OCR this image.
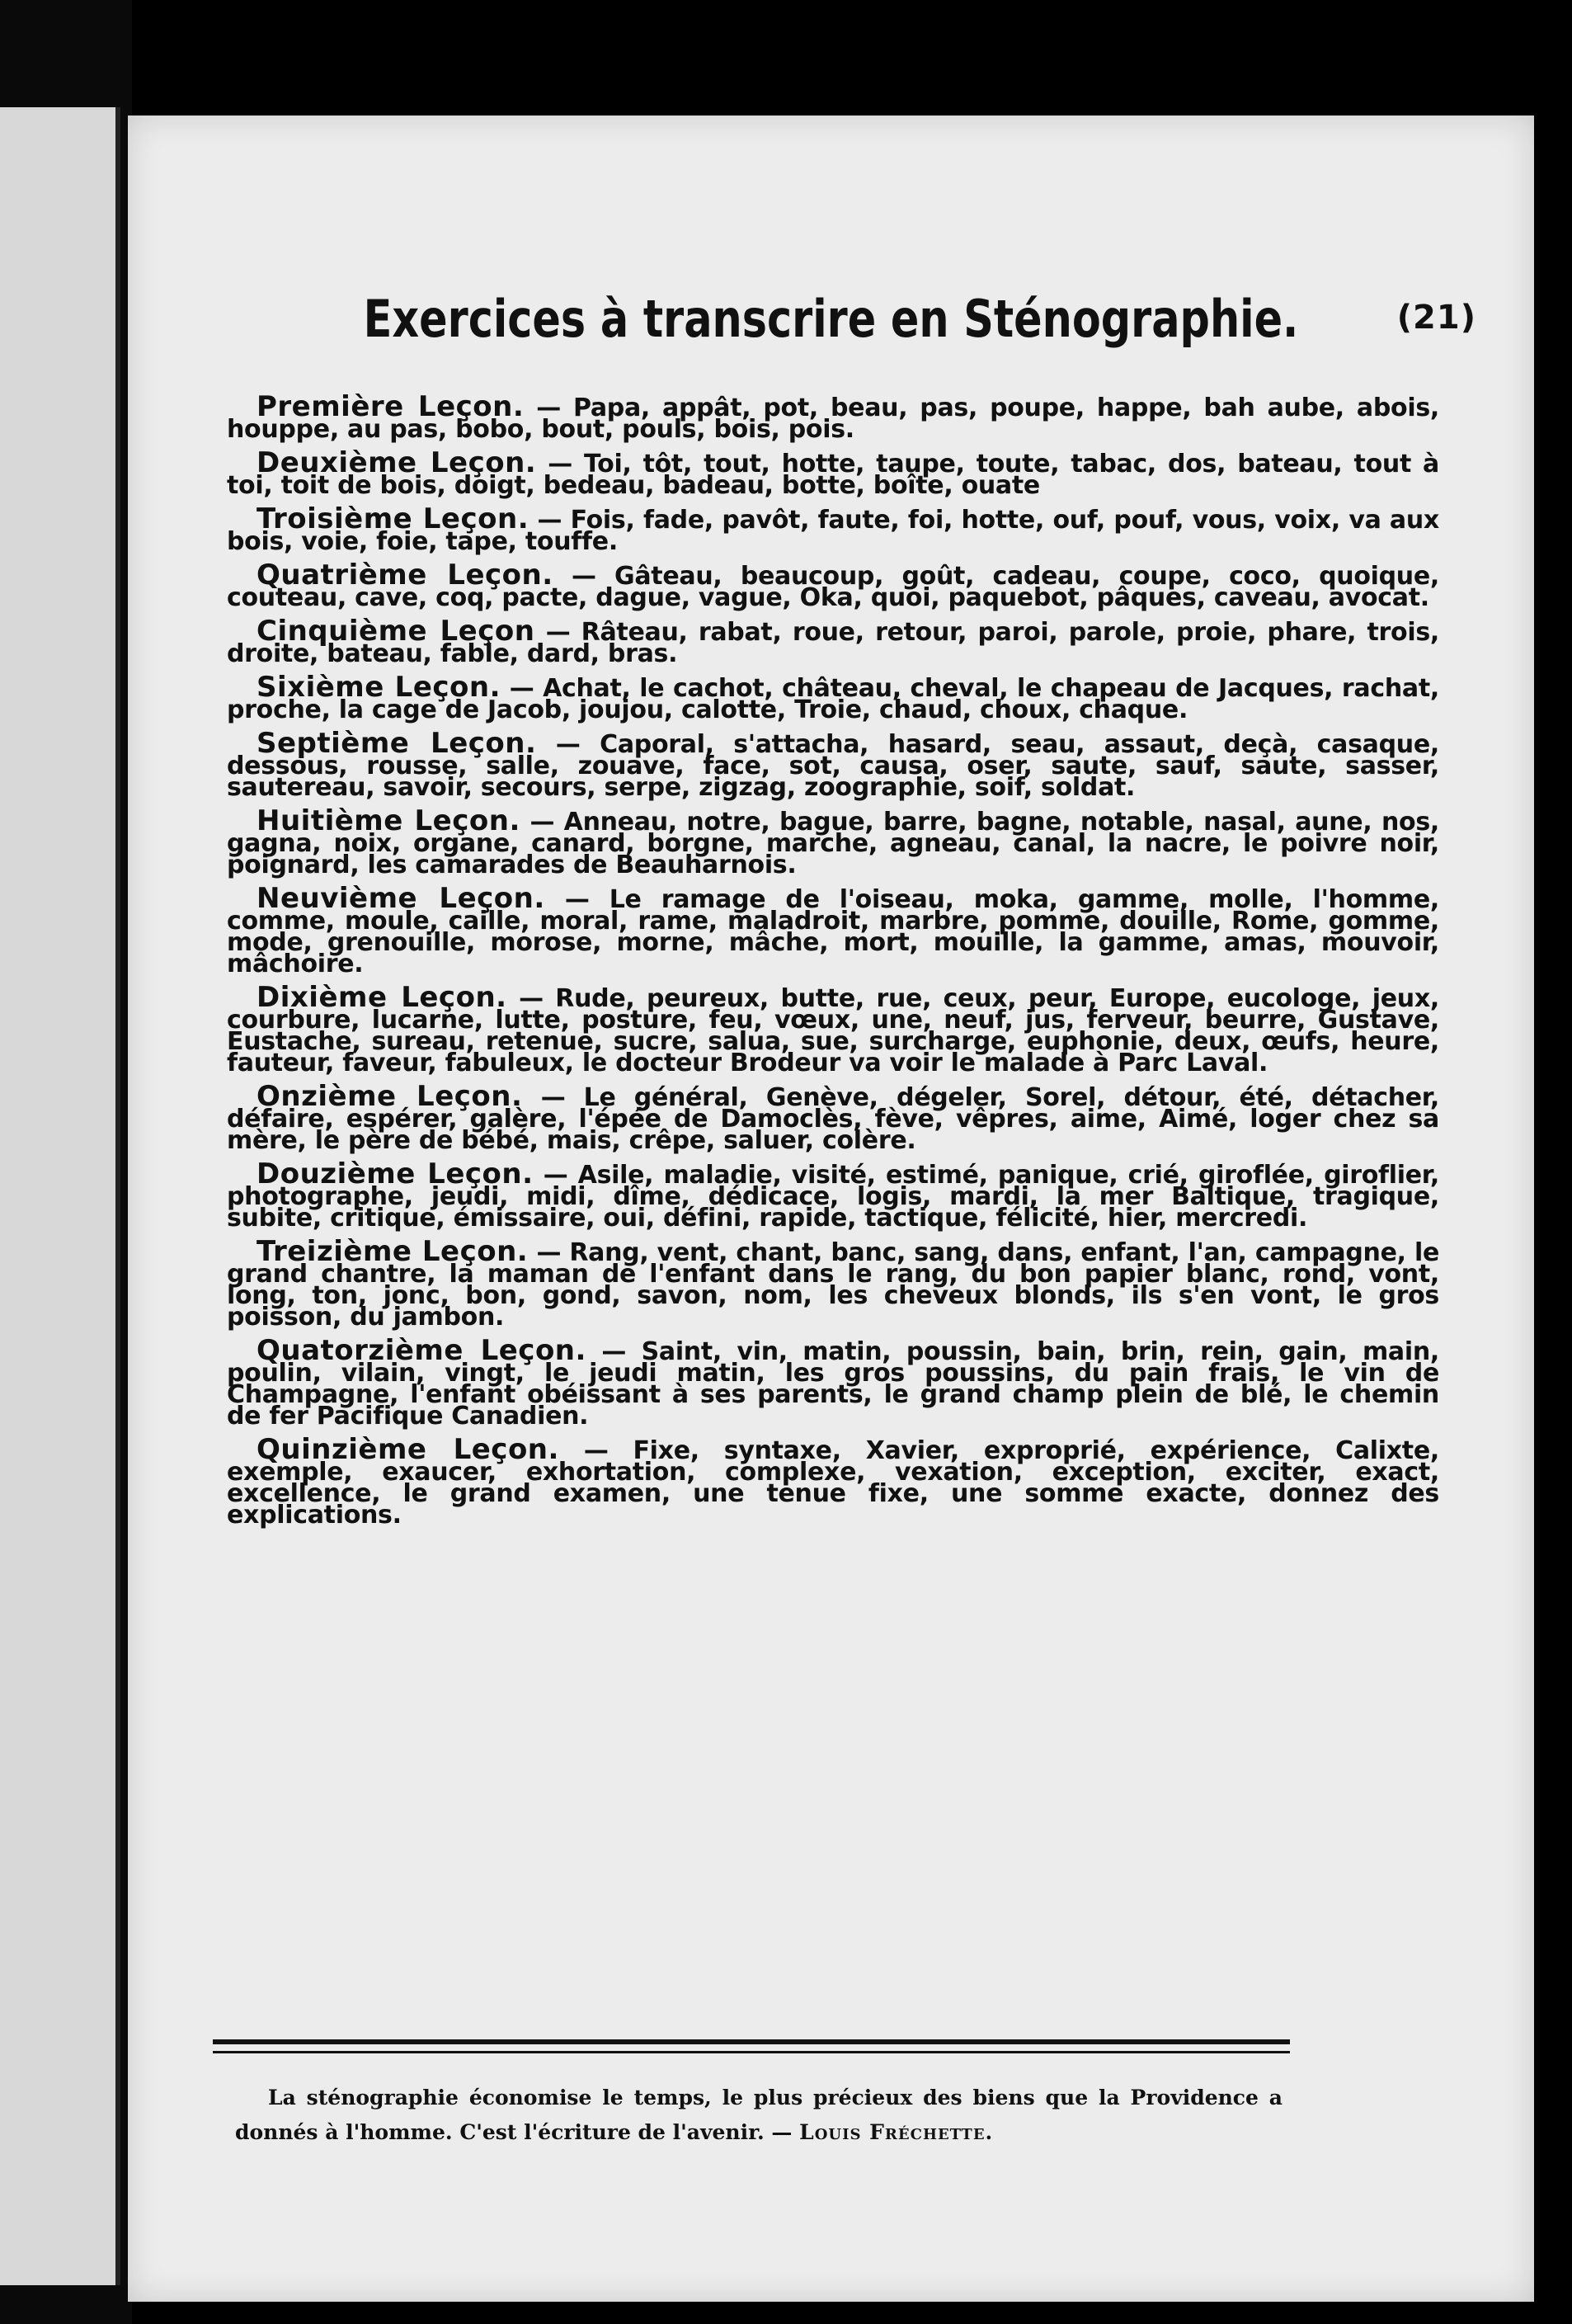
(21)
Exercices à transcrire en Sténographie.

Première Leçon. — Papa, appât, pot, beau, pas, poupe, happe, bah aube, abois, houppe, au pas, bobo, bout, pouls, bois, pois.

Deuxième Leçon. — Toi, tôt, tout, hotte, taupe, toute, tabac, dos, bateau, tout à toi, toit de bois, doigt, bedeau, badeau, botte, boîte, ouate

Troisième Leçon. — Fois, fade, pavôt, faute, foi, hotte, ouf, pouf, vous, voix, va aux bois, voie, foie, tape, touffe.

Quatrième Leçon. — Gâteau, beaucoup, goût, cadeau, coupe, coco, quoique, couteau, cave, coq, pacte, dague, vague, Oka, quoi, paquebot, pâques, caveau, avocat.

Cinquième Leçon — Râteau, rabat, roue, retour, paroi, parole, proie, phare, trois, droite, bateau, fable, dard, bras.

Sixième Leçon. — Achat, le cachot, château, cheval, le chapeau de Jacques, rachat, proche, la cage de Jacob, joujou, calotte, Troie, chaud, choux, chaque.

Septième Leçon. — Caporal, s'attacha, hasard, seau, assaut, deçà, casaque, dessous, rousse, salle, zouave, face, sot, causa, oser, saute, sauf, saute, sasser, sautereau, savoir, secours, serpe, zigzag, zoographie, soif, soldat.

Huitième Leçon. — Anneau, notre, bague, barre, bagne, notable, nasal, aune, nos, gagna, noix, organe, canard, borgne, marche, agneau, canal, la nacre, le poivre noir, poignard, les camarades de Beauharnois.

Neuvième Leçon. — Le ramage de l'oiseau, moka, gamme, molle, l'homme, comme, moule, caille, moral, rame, maladroit, marbre, pomme, douille, Rome, gomme, mode, grenouille, morose, morne, mâche, mort, mouille, la gamme, amas, mouvoir, mâchoire.

Dixième Leçon. — Rude, peureux, butte, rue, ceux, peur, Europe, eucologe, jeux, courbure, lucarne, lutte, posture, feu, vœux, une, neuf, jus, ferveur, beurre, Gustave, Eustache, sureau, retenue, sucre, salua, sue, surcharge, euphonie, deux, œufs, heure, fauteur, faveur, fabuleux, le docteur Brodeur va voir le malade à Parc Laval.

Onzième Leçon. — Le général, Genève, dégeler, Sorel, détour, été, détacher, défaire, espérer, galère, l'épée de Damoclès, fève, vêpres, aime, Aimé, loger chez sa mère, le père de bébé, mais, crêpe, saluer, colère.

Douzième Leçon. — Asile, maladie, visité, estimé, panique, crié, giroflée, giroflier, photographe, jeudi, midi, dîme, dédicace, logis, mardi, la mer Baltique, tragique, subite, critique, émissaire, oui, défini, rapide, tactique, félicité, hier, mercredi.

Treizième Leçon. — Rang, vent, chant, banc, sang, dans, enfant, l'an, campagne, le grand chantre, la maman de l'enfant dans le rang, du bon papier blanc, rond, vont, long, ton, jonc, bon, gond, savon, nom, les cheveux blonds, ils s'en vont, le gros poisson, du jambon.

Quatorzième Leçon. — Saint, vin, matin, poussin, bain, brin, rein, gain, main, poulin, vilain, vingt, le jeudi matin, les gros poussins, du pain frais, le vin de Champagne, l'enfant obéissant à ses parents, le grand champ plein de blé, le chemin de fer Pacifique Canadien.

Quinzième Leçon. — Fixe, syntaxe, Xavier, exproprié, expérience, Calixte, exemple, exaucer, exhortation, complexe, vexation, exception, exciter, exact, excellence, le grand examen, une tenue fixe, une somme exacte, donnez des explications.

La sténographie économise le temps, le plus précieux des biens que la Providence a donnés à l'homme. C'est l'écriture de l'avenir. — Louis Fréchette.
